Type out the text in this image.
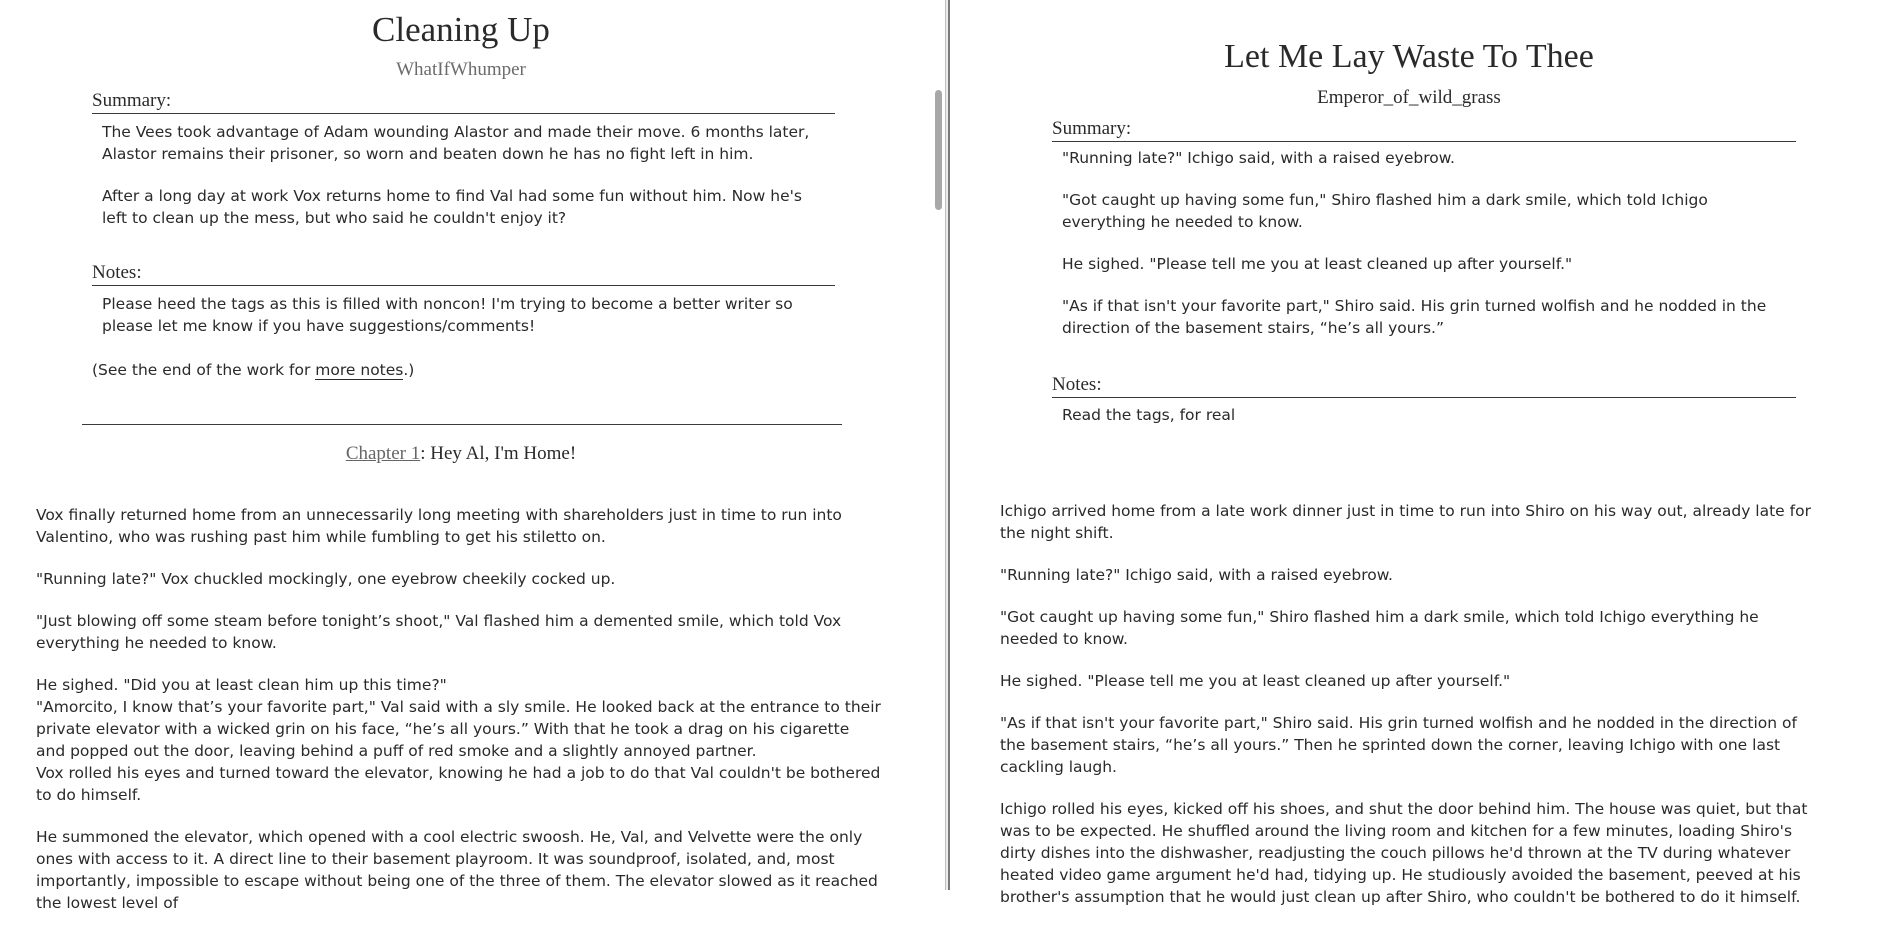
Cleaning Up
WhatIfWhumper
Summary:

The Vees took advantage of Adam wounding Alastor and made their move. 6 months later, Alastor remains their prisoner, so worn and beaten down he has no fight left in him.

After a long day at work Vox returns home to find Val had some fun without him. Now he's left to clean up the mess, but who said he couldn't enjoy it?

Notes:

Please heed the tags as this is filled with noncon! I'm trying to become a better writer so please let me know if you have suggestions/comments!

(See the end of the work for more notes.)
Chapter 1: Hey Al, I'm Home!

Vox finally returned home from an unnecessarily long meeting with shareholders just in time to run into Valentino, who was rushing past him while fumbling to get his stiletto on.

"Running late?" Vox chuckled mockingly, one eyebrow cheekily cocked up.

"Just blowing off some steam before tonight’s shoot," Val flashed him a demented smile, which told Vox everything he needed to know.

He sighed. "Did you at least clean him up this time?"

"Amorcito, I know that’s your favorite part," Val said with a sly smile. He looked back at the entrance to their private elevator with a wicked grin on his face, “he’s all yours.” With that he took a drag on his cigarette and popped out the door, leaving behind a puff of red smoke and a slightly annoyed partner.

Vox rolled his eyes and turned toward the elevator, knowing he had a job to do that Val couldn't be bothered to do himself.

He summoned the elevator, which opened with a cool electric swoosh. He, Val, and Velvette were the only ones with access to it. A direct line to their basement playroom. It was soundproof, isolated, and, most importantly, impossible to escape without being one of the three of them. The elevator slowed as it reached the lowest level of

Let Me Lay Waste To Thee
Emperor_of_wild_grass
Summary:

"Running late?" Ichigo said, with a raised eyebrow.

"Got caught up having some fun," Shiro flashed him a dark smile, which told Ichigo everything he needed to know.

He sighed. "Please tell me you at least cleaned up after yourself."

"As if that isn't your favorite part," Shiro said. His grin turned wolfish and he nodded in the direction of the basement stairs, “he’s all yours.”

Notes:

Read the tags, for real

Ichigo arrived home from a late work dinner just in time to run into Shiro on his way out, already late for the night shift.

"Running late?" Ichigo said, with a raised eyebrow.

"Got caught up having some fun," Shiro flashed him a dark smile, which told Ichigo everything he needed to know.

He sighed. "Please tell me you at least cleaned up after yourself."

"As if that isn't your favorite part," Shiro said. His grin turned wolfish and he nodded in the direction of the basement stairs, “he’s all yours.” Then he sprinted down the corner, leaving Ichigo with one last cackling laugh.

Ichigo rolled his eyes, kicked off his shoes, and shut the door behind him. The house was quiet, but that was to be expected. He shuffled around the living room and kitchen for a few minutes, loading Shiro's dirty dishes into the dishwasher, readjusting the couch pillows he'd thrown at the TV during whatever heated video game argument he'd had, tidying up. He studiously avoided the basement, peeved at his brother's assumption that he would just clean up after Shiro, who couldn't be bothered to do it himself.
